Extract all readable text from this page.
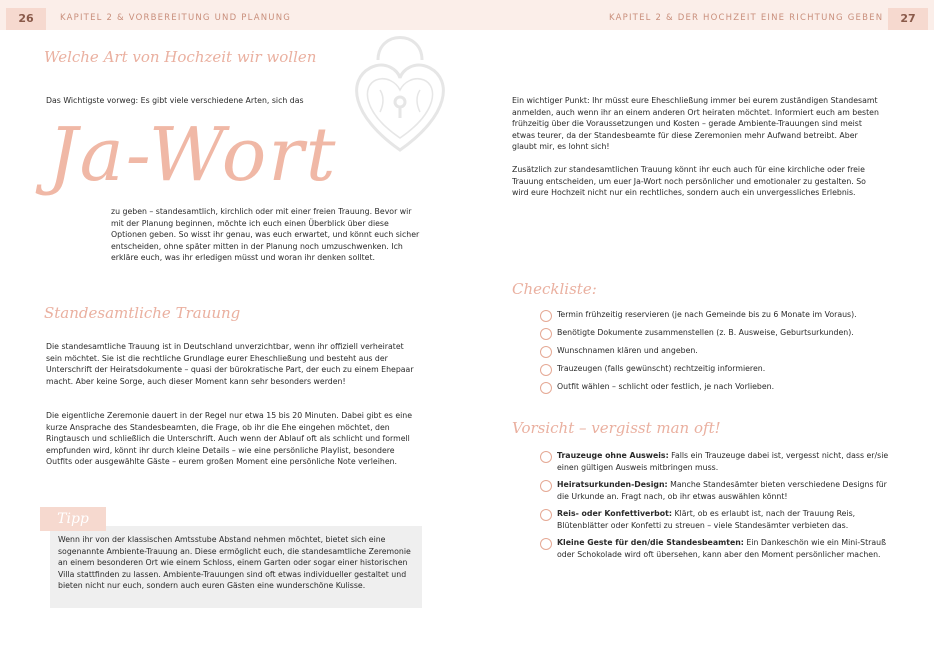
26	KAPITEL 2 & VORBEREITUNG UND PLANUNG	KAPITEL 2 & DER HOCHZEIT EINE RICHTUNG GEBEN	27
Welche Art von Hochzeit wir wollen

Das Wichtigste vorweg: Es gibt viele verschiedene Arten, sich das

Ja-Wort

zu geben – standesamtlich, kirchlich oder mit einer freien Trauung. Bevor wir mit der Planung beginnen, möchte ich euch einen Überblick über diese Optionen geben. So wisst ihr genau, was euch erwartet, und könnt euch sicher entscheiden, ohne später mitten in der Planung noch umzuschwenken. Ich erkläre euch, was ihr erledigen müsst und woran ihr denken solltet.

Standesamtliche Trauung

Die standesamtliche Trauung ist in Deutschland unverzichtbar, wenn ihr offiziell verheiratet sein möchtet. Sie ist die rechtliche Grundlage eurer Eheschließung und besteht aus der Unterschrift der Heiratsdokumente – quasi der bürokratische Part, der euch zu einem Ehepaar macht. Aber keine Sorge, auch dieser Moment kann sehr besonders werden!

Die eigentliche Zeremonie dauert in der Regel nur etwa 15 bis 20 Minuten. Dabei gibt es eine kurze Ansprache des Standesbeamten, die Frage, ob ihr die Ehe eingehen möchtet, den Ringtausch und schließlich die Unterschrift. Auch wenn der Ablauf oft als schlicht und formell empfunden wird, könnt ihr durch kleine Details – wie eine persönliche Playlist, besondere Outfits oder ausgewählte Gäste – eurem großen Moment eine persönliche Note verleihen.

Tipp

Wenn ihr von der klassischen Amtsstube Abstand nehmen möchtet, bietet sich eine sogenannte Ambiente-Trauung an. Diese ermöglicht euch, die standesamtliche Zeremonie an einem besonderen Ort wie einem Schloss, einem Garten oder sogar einer historischen Villa stattfinden zu lassen. Ambiente-Trauungen sind oft etwas individueller gestaltet und bieten nicht nur euch, sondern auch euren Gästen eine wunderschöne Kulisse.

Ein wichtiger Punkt: Ihr müsst eure Eheschließung immer bei eurem zuständigen Standesamt anmelden, auch wenn ihr an einem anderen Ort heiraten möchtet. Informiert euch am besten frühzeitig über die Voraussetzungen und Kosten – gerade Ambiente-Trauungen sind meist etwas teurer, da der Standesbeamte für diese Zeremonien mehr Aufwand betreibt. Aber glaubt mir, es lohnt sich!

Zusätzlich zur standesamtlichen Trauung könnt ihr euch auch für eine kirchliche oder freie Trauung entscheiden, um euer Ja-Wort noch persönlicher und emotionaler zu gestalten. So wird eure Hochzeit nicht nur ein rechtliches, sondern auch ein unvergessliches Erlebnis.

Checkliste:

Termin frühzeitig reservieren (je nach Gemeinde bis zu 6 Monate im Voraus).

Benötigte Dokumente zusammenstellen (z. B. Ausweise, Geburtsurkunden).

Wunschnamen klären und angeben.

Trauzeugen (falls gewünscht) rechtzeitig informieren.

Outfit wählen – schlicht oder festlich, je nach Vorlieben.

Vorsicht – vergisst man oft!

Trauzeuge ohne Ausweis: Falls ein Trauzeuge dabei ist, vergesst nicht, dass er/sie einen gültigen Ausweis mitbringen muss.

Heiratsurkunden-Design: Manche Standesämter bieten verschiedene Designs für die Urkunde an. Fragt nach, ob ihr etwas auswählen könnt!

Reis- oder Konfettiverbot: Klärt, ob es erlaubt ist, nach der Trauung Reis, Blütenblätter oder Konfetti zu streuen – viele Standesämter verbieten das.

Kleine Geste für den/die Standesbeamten: Ein Dankeschön wie ein Mini-Strauß oder Schokolade wird oft übersehen, kann aber den Moment persönlicher machen.
